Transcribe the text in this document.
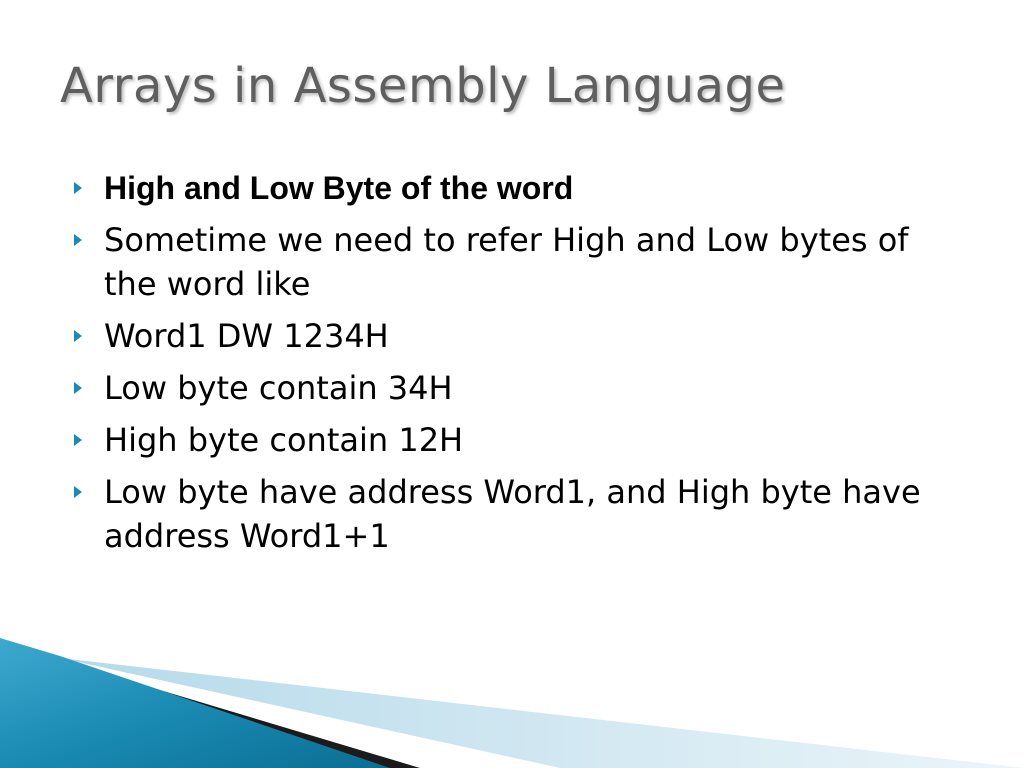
Arrays in Assembly Language
High and Low Byte of the word
Sometime we need to refer High and Low bytes of the word like
Word1 DW 1234H
Low byte contain 34H
High byte contain 12H
Low byte have address Word1, and High byte have address Word1+1
